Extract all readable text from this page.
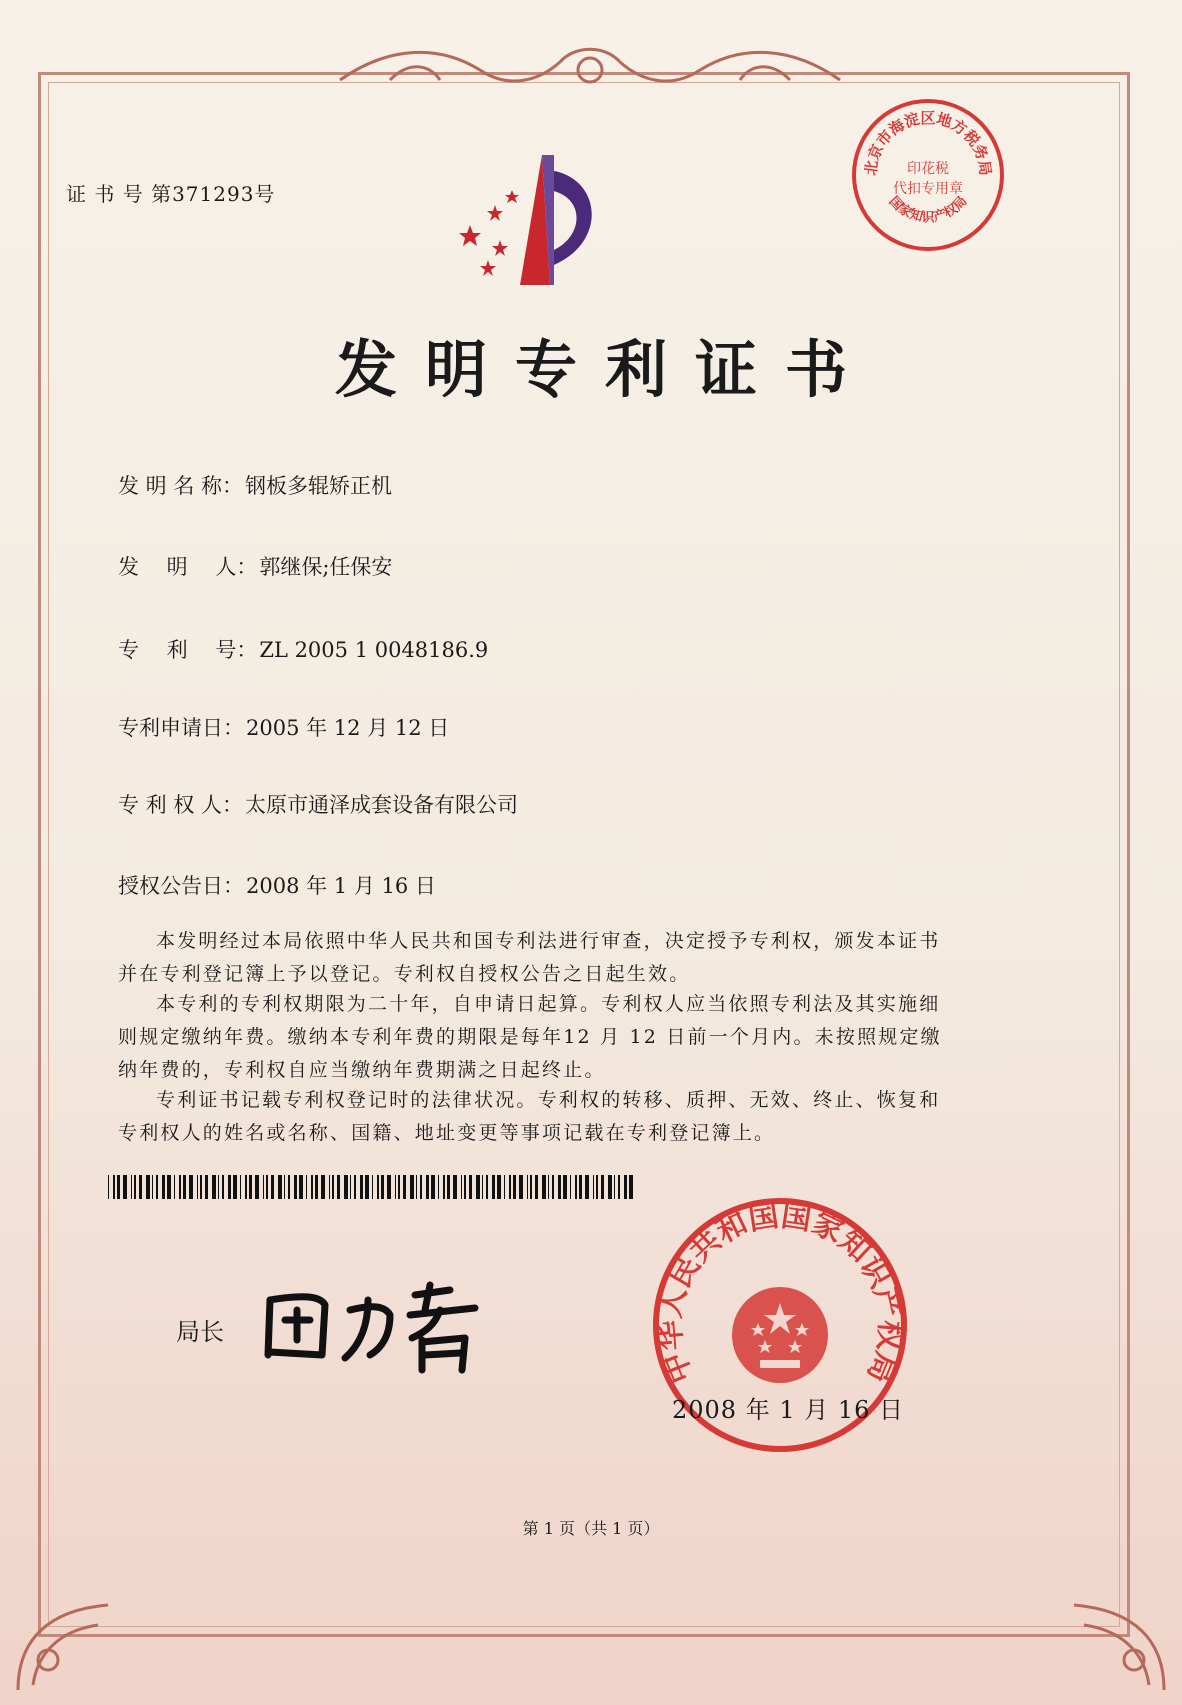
证 书 号 第371293号
北京市海淀区地方税务局
印花税
代扣专用章
国家知识产权局
发明专利证书
发 明 名 称： 钢板多辊矫正机
发 　明 　人： 郭继保;任保安
专 　利 　号： ZL 2005 1 0048186.9
专利申请日： 2005 年 12 月 12 日
专 利 权 人： 太原市通泽成套设备有限公司
授权公告日： 2008 年 1 月 16 日

本发明经过本局依照中华人民共和国专利法进行审查，决定授予专利权，颁发本证书并在专利登记簿上予以登记。专利权自授权公告之日起生效。

本专利的专利权期限为二十年，自申请日起算。专利权人应当依照专利法及其实施细则规定缴纳年费。缴纳本专利年费的期限是每年12 月 12 日前一个月内。未按照规定缴纳年费的，专利权自应当缴纳年费期满之日起终止。

专利证书记载专利权登记时的法律状况。专利权的转移、质押、无效、终止、恢复和专利权人的姓名或名称、国籍、地址变更等事项记载在专利登记簿上。

局长
中华人民共和国国家知识产权局
2008 年 1 月 16 日
第 1 页（共 1 页）
